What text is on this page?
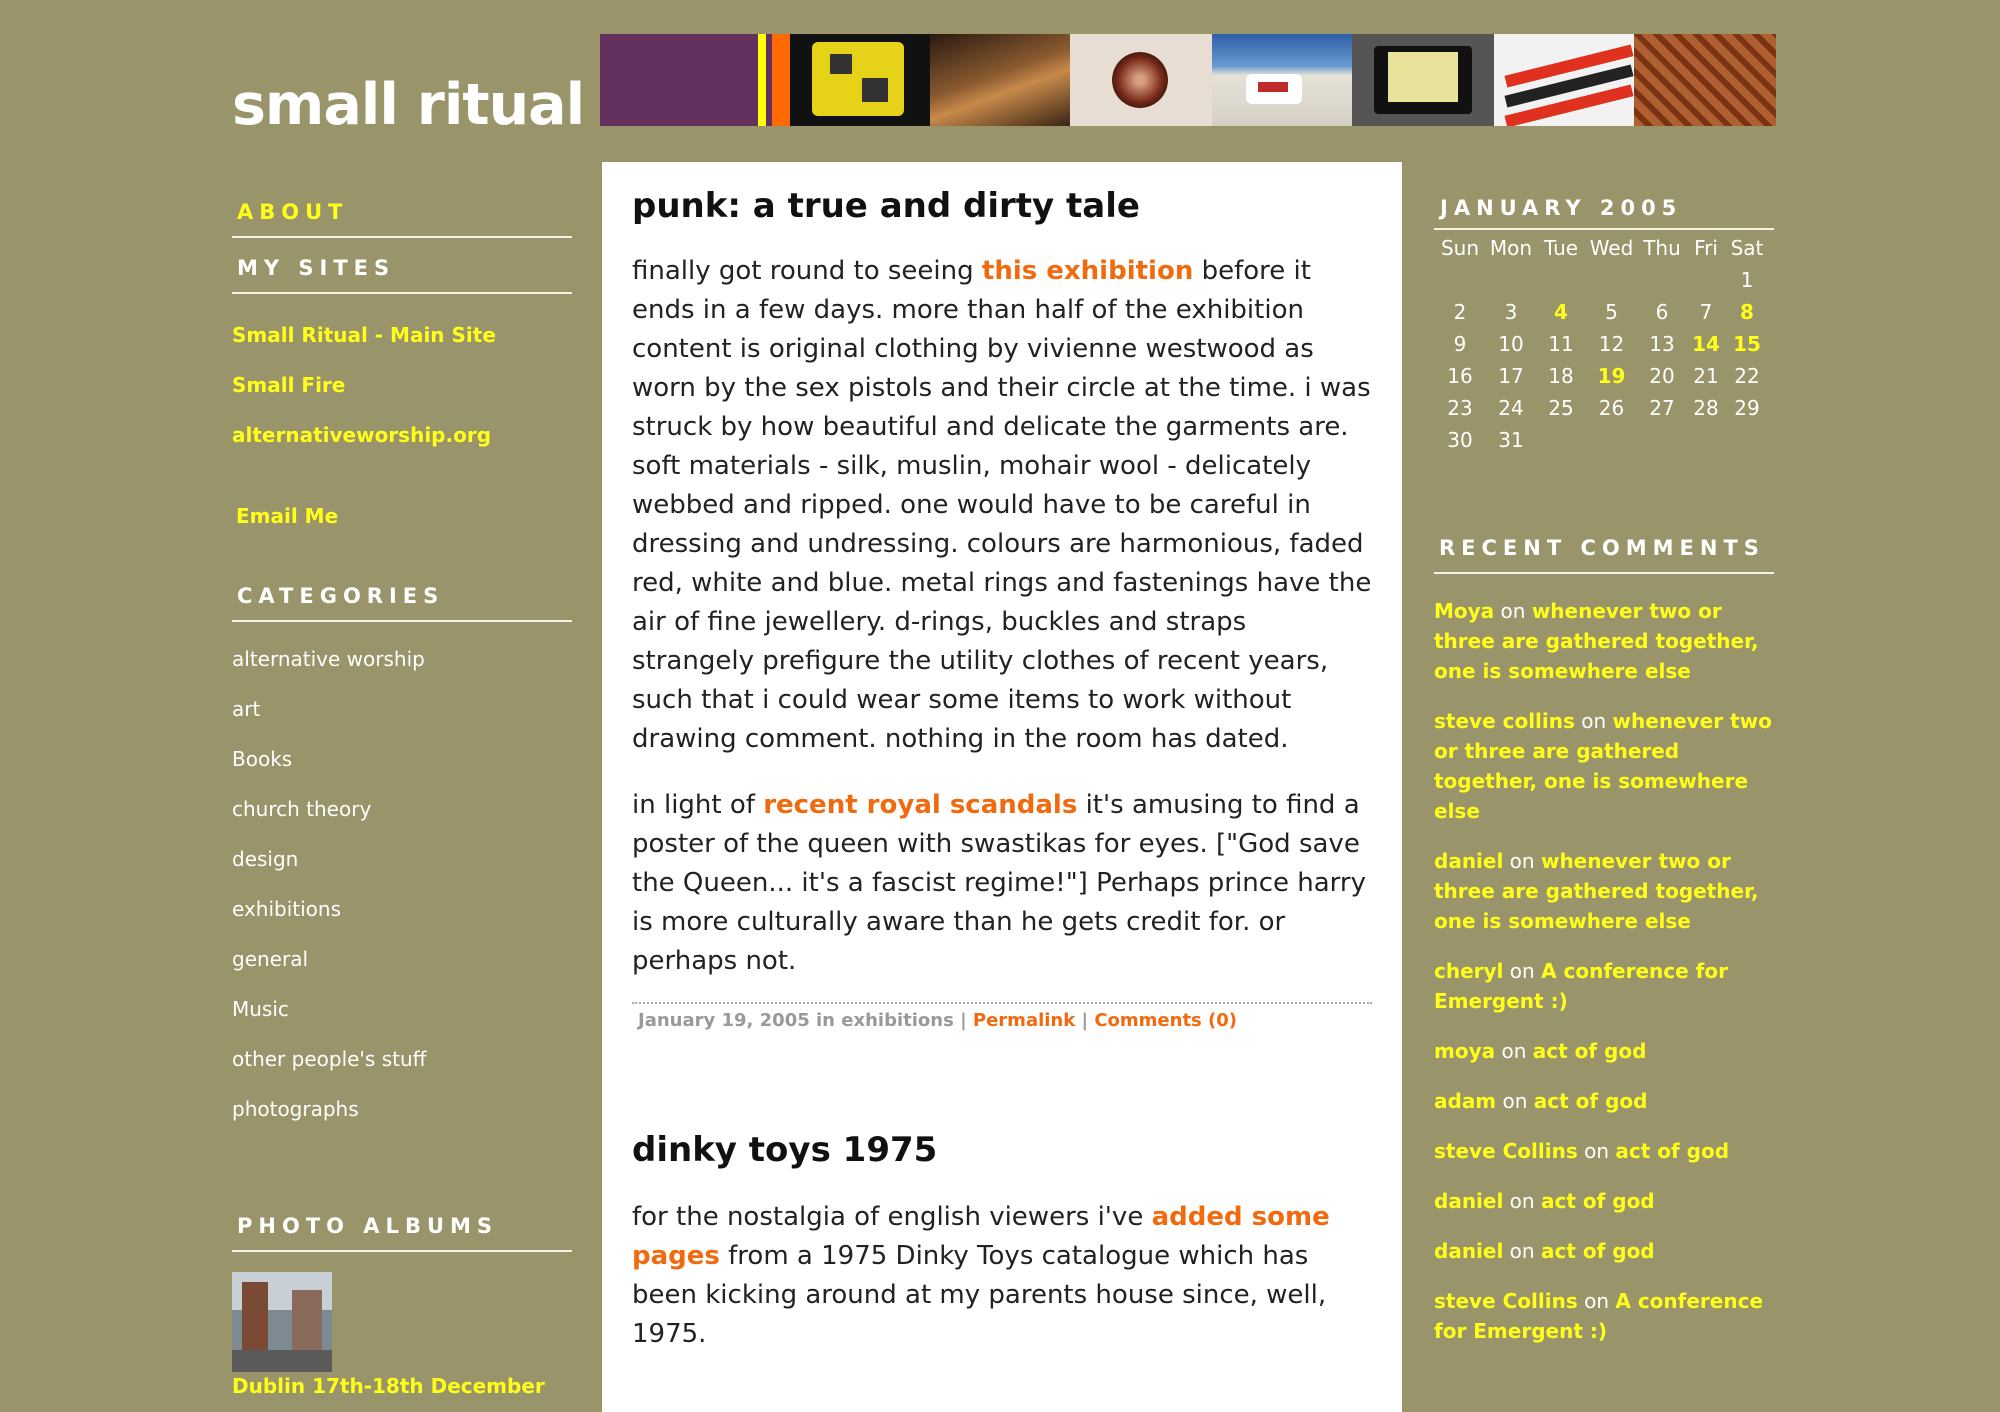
small ritual
ABOUT
MY SITES
Small Ritual - Main Site
Small Fire
alternativeworship.org
Email Me
CATEGORIES
alternative worship
art
Books
church theory
design
exhibitions
general
Music
other people's stuff
photographs
PHOTO ALBUMS
Dublin 17th-18th December
punk: a true and dirty tale

finally got round to seeing this exhibition before it ends in a few days. more than half of the exhibition content is original clothing by vivienne westwood as worn by the sex pistols and their circle at the time. i was struck by how beautiful and delicate the garments are. soft materials - silk, muslin, mohair wool - delicately webbed and ripped. one would have to be careful in dressing and undressing. colours are harmonious, faded red, white and blue. metal rings and fastenings have the air of fine jewellery. d-rings, buckles and straps strangely prefigure the utility clothes of recent years, such that i could wear some items to work without drawing comment. nothing in the room has dated.

in light of recent royal scandals it's amusing to find a poster of the queen with swastikas for eyes. ["God save the Queen... it's a fascist regime!"] Perhaps prince harry is more culturally aware than he gets credit for. or perhaps not.

January 19, 2005 in exhibitions | Permalink | Comments (0)
dinky toys 1975

for the nostalgia of english viewers i've added some pages from a 1975 Dinky Toys catalogue which has been kicking around at my parents house since, well, 1975.

JANUARY 2005
Sun	Mon	Tue	Wed	Thu	Fri	Sat
						1
2	3	4	5	6	7	8
9	10	11	12	13	14	15
16	17	18	19	20	21	22
23	24	25	26	27	28	29
30	31					
RECENT COMMENTS
Moya on whenever two or three are gathered together, one is somewhere else
steve collins on whenever two or three are gathered together, one is somewhere else
daniel on whenever two or three are gathered together, one is somewhere else
cheryl on A conference for Emergent :)
moya on act of god
adam on act of god
steve Collins on act of god
daniel on act of god
daniel on act of god
steve Collins on A conference for Emergent :)
